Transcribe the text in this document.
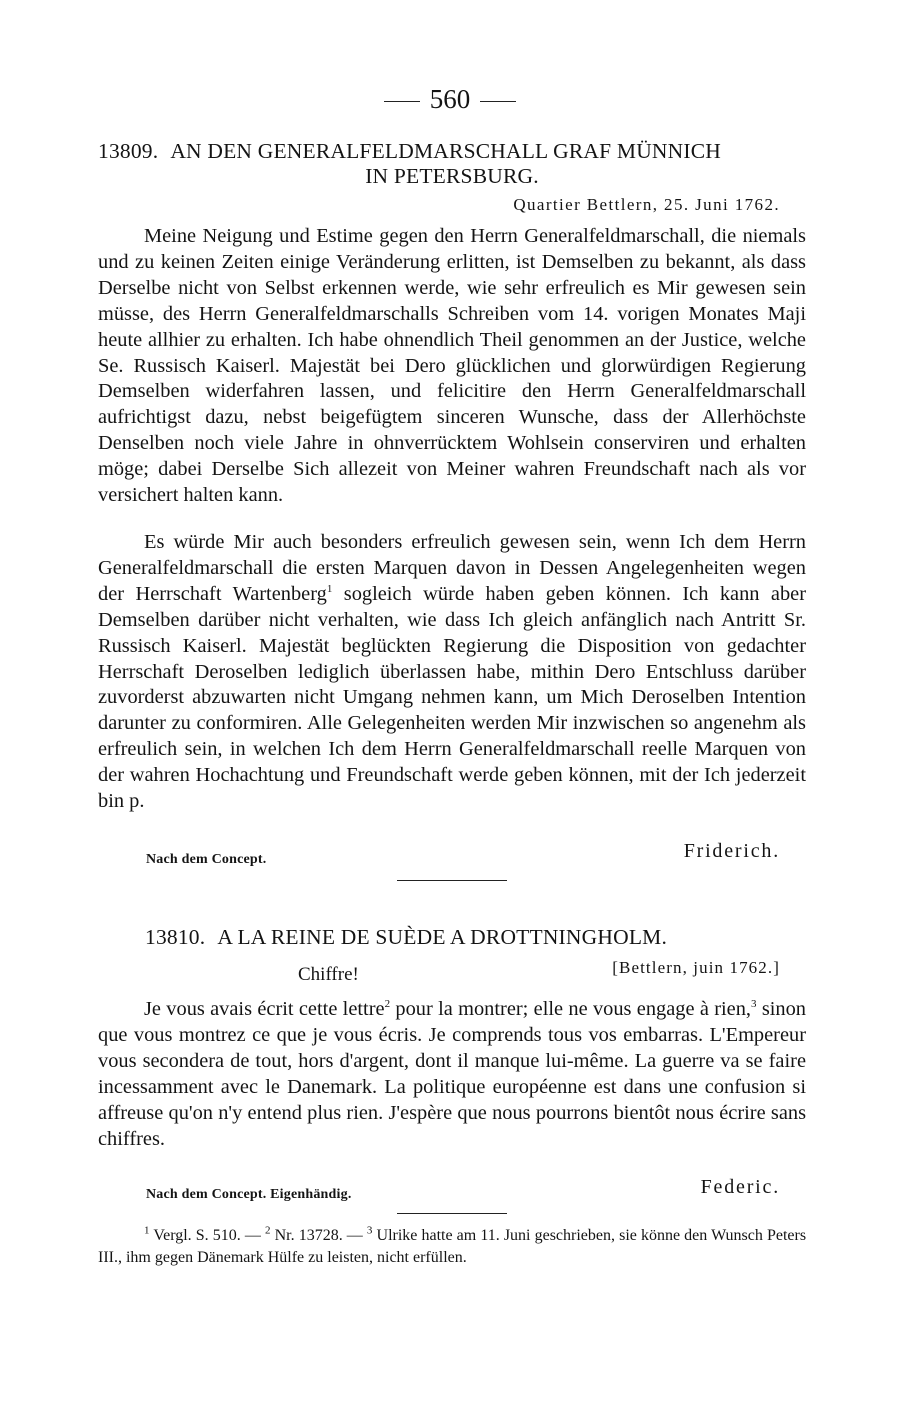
560
13809. AN DEN GENERALFELDMARSCHALL GRAF MÜNNICH
IN PETERSBURG.
Quartier Bettlern, 25. Juni 1762.

Meine Neigung und Estime gegen den Herrn Generalfeldmarschall, die niemals und zu keinen Zeiten einige Veränderung erlitten, ist Demselben zu bekannt, als dass Derselbe nicht von Selbst erkennen werde, wie sehr erfreulich es Mir gewesen sein müsse, des Herrn Generalfeldmarschalls Schreiben vom 14. vorigen Monates Maji heute allhier zu erhalten. Ich habe ohnendlich Theil genommen an der Justice, welche Se. Russisch Kaiserl. Majestät bei Dero glücklichen und glorwürdigen Regierung Demselben widerfahren lassen, und felicitire den Herrn Generalfeldmarschall aufrichtigst dazu, nebst beigefügtem sinceren Wunsche, dass der Allerhöchste Denselben noch viele Jahre in ohnverrücktem Wohlsein conserviren und erhalten möge; dabei Derselbe Sich allezeit von Meiner wahren Freundschaft nach als vor versichert halten kann.

Es würde Mir auch besonders erfreulich gewesen sein, wenn Ich dem Herrn Generalfeldmarschall die ersten Marquen davon in Dessen Angelegenheiten wegen der Herrschaft Wartenberg$^1$ sogleich würde haben geben können. Ich kann aber Demselben darüber nicht verhalten, wie dass Ich gleich anfänglich nach Antritt Sr. Russisch Kaiserl. Majestät beglückten Regierung die Disposition von gedachter Herrschaft Deroselben lediglich überlassen habe, mithin Dero Entschluss darüber zuvorderst abzuwarten nicht Umgang nehmen kann, um Mich Deroselben Intention darunter zu conformiren. Alle Gelegenheiten werden Mir inzwischen so angenehm als erfreulich sein, in welchen Ich dem Herrn Generalfeldmarschall reelle Marquen von der wahren Hochachtung und Freundschaft werde geben können, mit der Ich jederzeit bin p.

Nach dem Concept.	Friderich.
13810. A LA REINE DE SUÈDE A DROTTNINGHOLM.
Chiffre!	[Bettlern, juin 1762.]

Je vous avais écrit cette lettre$^2$ pour la montrer; elle ne vous engage à rien,$^3$ sinon que vous montrez ce que je vous écris. Je comprends tous vos embarras. L'Empereur vous secondera de tout, hors d'argent, dont il manque lui-même. La guerre va se faire incessamment avec le Danemark. La politique européenne est dans une confusion si affreuse qu'on n'y entend plus rien. J'espère que nous pourrons bientôt nous écrire sans chiffres.

Nach dem Concept. Eigenhändig.	Federic.

$^1$ Vergl. S. 510. — $^2$ Nr. 13728. — $^3$ Ulrike hatte am 11. Juni geschrieben, sie könne den Wunsch Peters III., ihm gegen Dänemark Hülfe zu leisten, nicht erfüllen.
